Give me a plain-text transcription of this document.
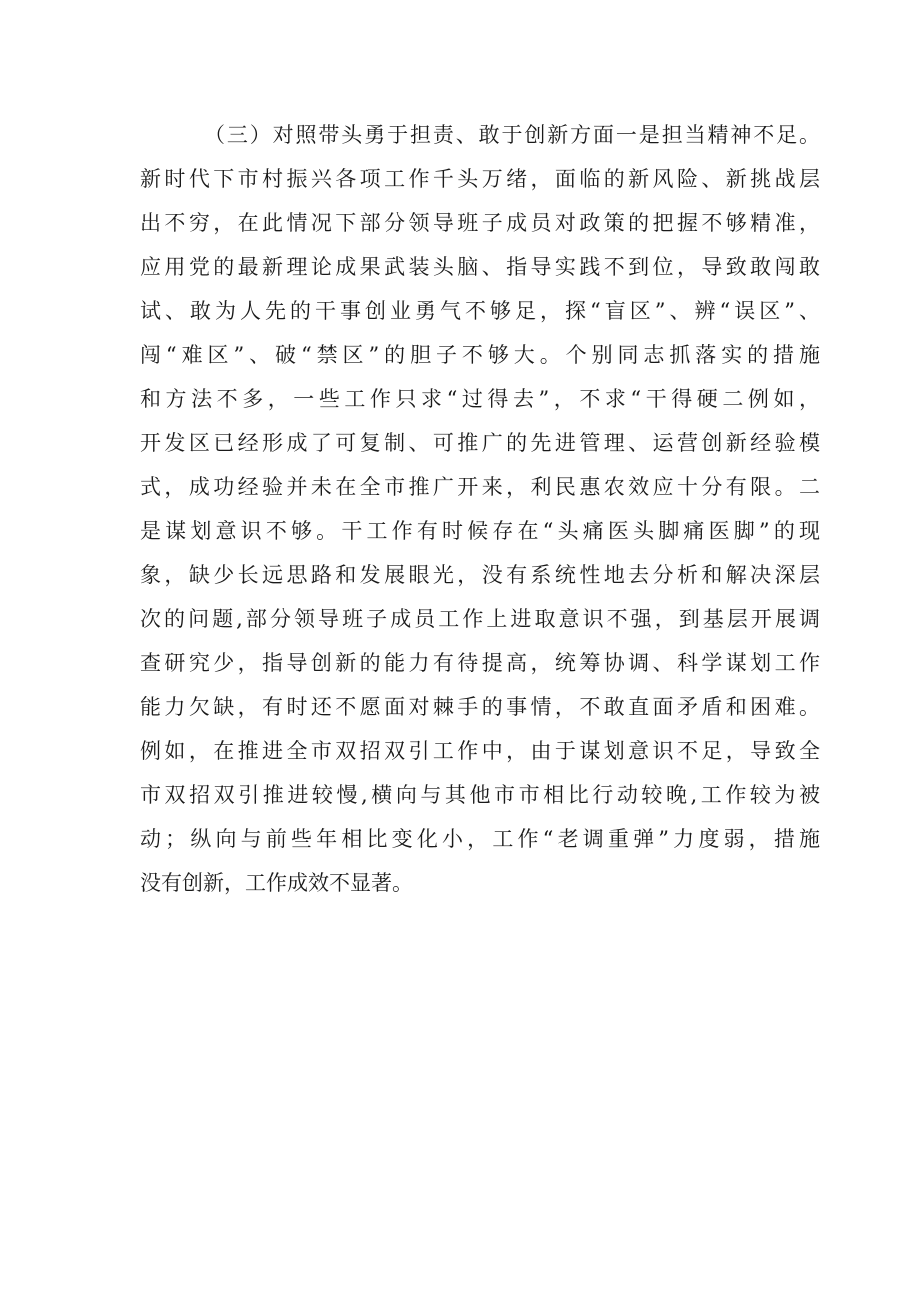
（三）对照带头勇于担责、敢于创新方面一是担当精神不足。
新时代下市村振兴各项工作千头万绪，面临的新风险、新挑战层
出不穷，在此情况下部分领导班子成员对政策的把握不够精准，
应用党的最新理论成果武装头脑、指导实践不到位，导致敢闯敢
试、敢为人先的干事创业勇气不够足，探“盲区”、辨“误区”、
闯“难区”、破“禁区”的胆子不够大。个别同志抓落实的措施
和方法不多，一些工作只求“过得去”，不求“干得硬二例如，
开发区已经形成了可复制、可推广的先进管理、运营创新经验模
式，成功经验并未在全市推广开来，利民惠农效应十分有限。二
是谋划意识不够。干工作有时候存在“头痛医头脚痛医脚”的现
象，缺少长远思路和发展眼光，没有系统性地去分析和解决深层
次的问题,部分领导班子成员工作上进取意识不强，到基层开展调
查研究少，指导创新的能力有待提高，统筹协调、科学谋划工作
能力欠缺，有时还不愿面对棘手的事情，不敢直面矛盾和困难。
例如，在推进全市双招双引工作中，由于谋划意识不足，导致全
市双招双引推进较慢,横向与其他市市相比行动较晚,工作较为被
动；纵向与前些年相比变化小，工作“老调重弹”力度弱，措施
没有创新，工作成效不显著。
